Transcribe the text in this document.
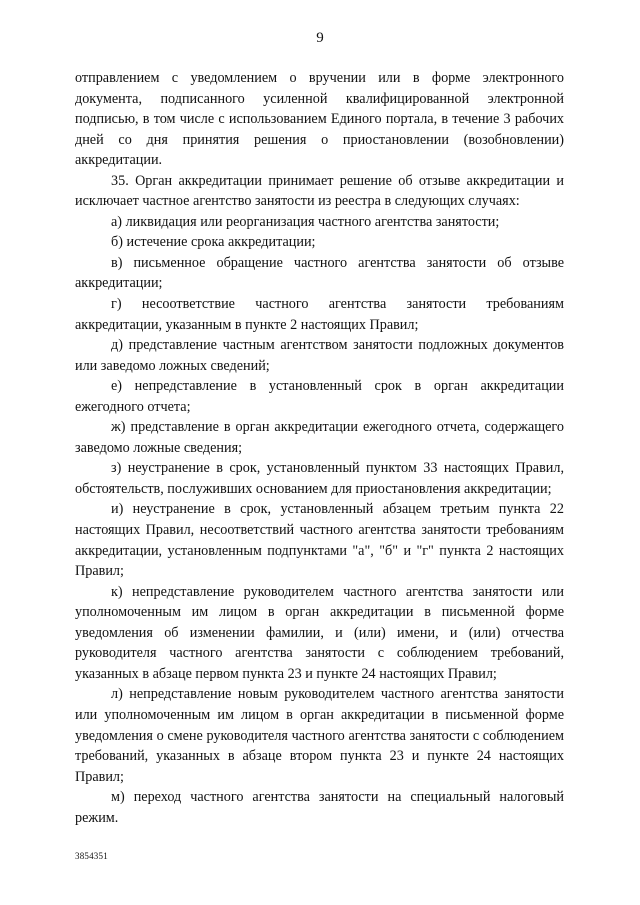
9

отправлением с уведомлением о вручении или в форме электронного документа, подписанного усиленной квалифицированной электронной подписью, в том числе с использованием Единого портала, в течение 3 рабочих дней со дня принятия решения о приостановлении (возобновлении) аккредитации.

35. Орган аккредитации принимает решение об отзыве аккредитации и исключает частное агентство занятости из реестра в следующих случаях:

а) ликвидация или реорганизация частного агентства занятости;

б) истечение срока аккредитации;

в) письменное обращение частного агентства занятости об отзыве аккредитации;

г) несоответствие частного агентства занятости требованиям аккредитации, указанным в пункте 2 настоящих Правил;

д) представление частным агентством занятости подложных документов или заведомо ложных сведений;

е) непредставление в установленный срок в орган аккредитации ежегодного отчета;

ж) представление в орган аккредитации ежегодного отчета, содержащего заведомо ложные сведения;

з) неустранение в срок, установленный пунктом 33 настоящих Правил, обстоятельств, послуживших основанием для приостановления аккредитации;

и) неустранение в срок, установленный абзацем третьим пункта 22 настоящих Правил, несоответствий частного агентства занятости требованиям аккредитации, установленным подпунктами "а", "б" и "г" пункта 2 настоящих Правил;

к) непредставление руководителем частного агентства занятости или уполномоченным им лицом в орган аккредитации в письменной форме уведомления об изменении фамилии, и (или) имени, и (или) отчества руководителя частного агентства занятости с соблюдением требований, указанных в абзаце первом пункта 23 и пункте 24 настоящих Правил;

л) непредставление новым руководителем частного агентства занятости или уполномоченным им лицом в орган аккредитации в письменной форме уведомления о смене руководителя частного агентства занятости с соблюдением требований, указанных в абзаце втором пункта 23 и пункте 24 настоящих Правил;

м) переход частного агентства занятости на специальный налоговый режим.

3854351
